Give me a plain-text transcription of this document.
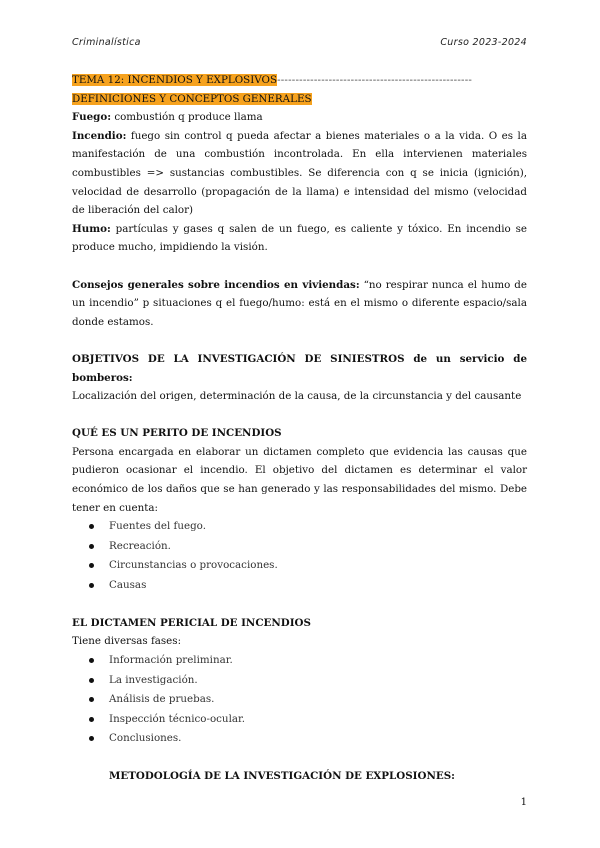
Criminalística	Curso 2023-2024

TEMA 12: INCENDIOS Y EXPLOSIVOS-----------------------------------------------------

DEFINICIONES Y CONCEPTOS GENERALES

Fuego: combustión q produce llama

Incendio: fuego sin control q pueda afectar a bienes materiales o a la vida. O es la manifestación de una combustión incontrolada. En ella intervienen materiales combustibles => sustancias combustibles. Se diferencia con q se inicia (ignición), velocidad de desarrollo (propagación de la llama) e intensidad del mismo (velocidad de liberación del calor)

Humo: partículas y gases q salen de un fuego, es caliente y tóxico. En incendio se produce mucho, impidiendo la visión.

Consejos generales sobre incendios en viviendas: “no respirar nunca el humo de un incendio” p situaciones q el fuego/humo: está en el mismo o diferente espacio/sala donde estamos.

OBJETIVOS DE LA INVESTIGACIÓN DE SINIESTROS de un servicio de bomberos:

Localización del origen, determinación de la causa, de la circunstancia y del causante

QUÉ ES UN PERITO DE INCENDIOS

Persona encargada en elaborar un dictamen completo que evidencia las causas que pudieron ocasionar el incendio. El objetivo del dictamen es determinar el valor económico de los daños que se han generado y las responsabilidades del mismo. Debe tener en cuenta:

Fuentes del fuego.
Recreación.
Circunstancias o provocaciones.
Causas

EL DICTAMEN PERICIAL DE INCENDIOS

Tiene diversas fases:

Información preliminar.
La investigación.
Análisis de pruebas.
Inspección técnico-ocular.
Conclusiones.

METODOLOGÍA DE LA INVESTIGACIÓN DE EXPLOSIONES:

1
